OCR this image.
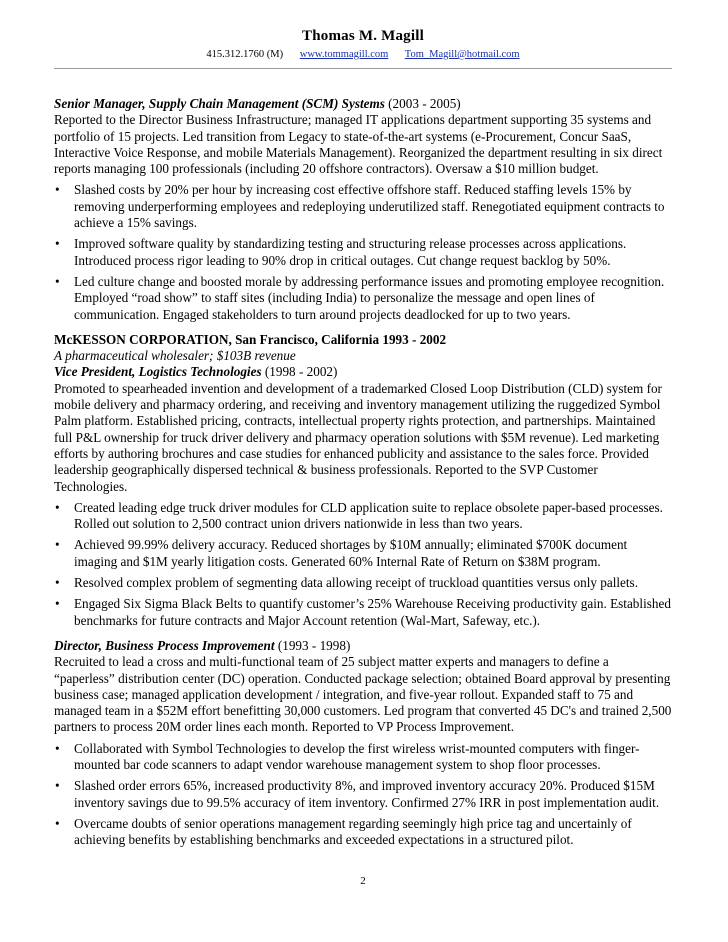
Thomas M. Magill
415.312.1760 (M) www.tommagill.com Tom_Magill@hotmail.com

Senior Manager, Supply Chain Management (SCM) Systems (2003 - 2005)

Reported to the Director Business Infrastructure; managed IT applications department supporting 35 systems and portfolio of 15 projects. Led transition from Legacy to state-of-the-art systems (e-Procurement, Concur SaaS, Interactive Voice Response, and mobile Materials Management). Reorganized the department resulting in six direct reports managing 100 professionals (including 20 offshore contractors). Oversaw a $10 million budget.

• Slashed costs by 20% per hour by increasing cost effective offshore staff. Reduced staffing levels 15% by removing underperforming employees and redeploying underutilized staff. Renegotiated equipment contracts to achieve a 15% savings.
• Improved software quality by standardizing testing and structuring release processes across applications. Introduced process rigor leading to 90% drop in critical outages. Cut change request backlog by 50%.
• Led culture change and boosted morale by addressing performance issues and promoting employee recognition. Employed “road show” to staff sites (including India) to personalize the message and open lines of communication. Engaged stakeholders to turn around projects deadlocked for up to two years.

McKESSON CORPORATION, San Francisco, California 1993 - 2002

A pharmaceutical wholesaler; $103B revenue

Vice President, Logistics Technologies (1998 - 2002)

Promoted to spearheaded invention and development of a trademarked Closed Loop Distribution (CLD) system for mobile delivery and pharmacy ordering, and receiving and inventory management utilizing the ruggedized Symbol Palm platform. Established pricing, contracts, intellectual property rights protection, and partnerships. Maintained full P&L ownership for truck driver delivery and pharmacy operation solutions with $5M revenue). Led marketing efforts by authoring brochures and case studies for enhanced publicity and assistance to the sales force. Provided leadership geographically dispersed technical & business professionals. Reported to the SVP Customer Technologies.

• Created leading edge truck driver modules for CLD application suite to replace obsolete paper-based processes. Rolled out solution to 2,500 contract union drivers nationwide in less than two years.
• Achieved 99.99% delivery accuracy. Reduced shortages by $10M annually; eliminated $700K document imaging and $1M yearly litigation costs. Generated 60% Internal Rate of Return on $38M program.
• Resolved complex problem of segmenting data allowing receipt of truckload quantities versus only pallets.
• Engaged Six Sigma Black Belts to quantify customer’s 25% Warehouse Receiving productivity gain. Established benchmarks for future contracts and Major Account retention (Wal-Mart, Safeway, etc.).

Director, Business Process Improvement (1993 - 1998)

Recruited to lead a cross and multi-functional team of 25 subject matter experts and managers to define a “paperless” distribution center (DC) operation. Conducted package selection; obtained Board approval by presenting business case; managed application development / integration, and five-year rollout. Expanded staff to 75 and managed team in a $52M effort benefitting 30,000 customers. Led program that converted 45 DC's and trained 2,500 partners to process 20M order lines each month. Reported to VP Process Improvement.

• Collaborated with Symbol Technologies to develop the first wireless wrist-mounted computers with finger-mounted bar code scanners to adapt vendor warehouse management system to shop floor processes.
• Slashed order errors 65%, increased productivity 8%, and improved inventory accuracy 20%. Produced $15M inventory savings due to 99.5% accuracy of item inventory. Confirmed 27% IRR in post implementation audit.
• Overcame doubts of senior operations management regarding seemingly high price tag and uncertainly of achieving benefits by establishing benchmarks and exceeded expectations in a structured pilot.
2
